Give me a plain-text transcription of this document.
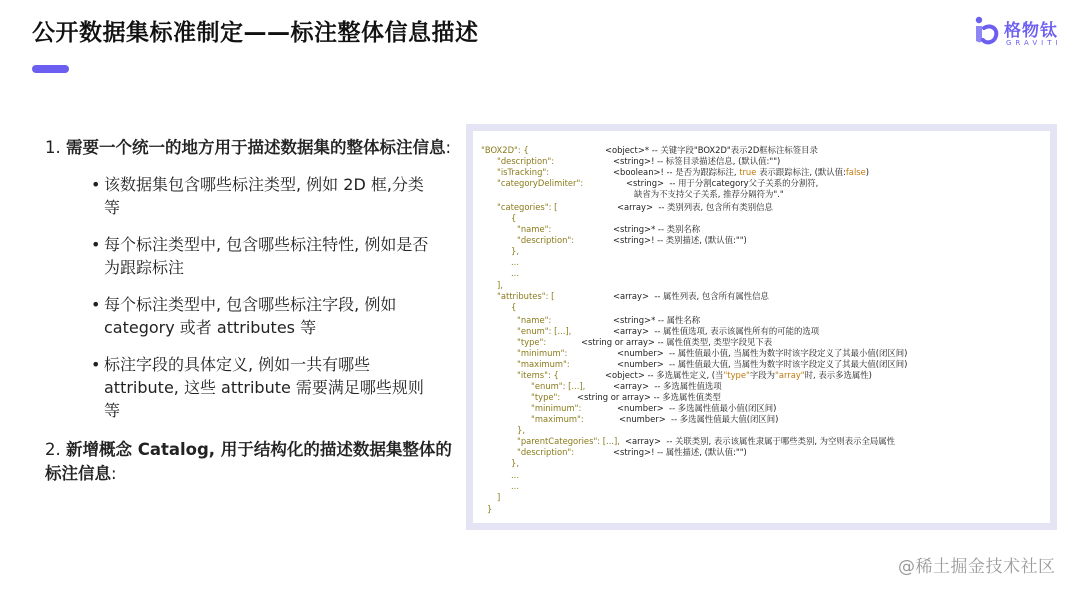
公开数据集标准制定——标注整体信息描述	格物钛
GRAVITI
1. 需要一个统一的地方用于描述数据集的整体标注信息:
• 该数据集包含哪些标注类型, 例如 2D 框,分类等
• 每个标注类型中, 包含哪些标注特性, 例如是否为跟踪标注
• 每个标注类型中, 包含哪些标注字段, 例如 category 或者 attributes 等
• 标注字段的具体定义, 例如一共有哪些 attribute, 这些 attribute 需要满足哪些规则等
2. 新增概念 Catalog, 用于结构化的描述数据集整体的标注信息:
"BOX2D": {	<object>* -- 关键字段"BOX2D"表示2D框标注标签目录
"description":	<string>! -- 标签目录描述信息, (默认值:"")
"isTracking":	<boolean>! -- 是否为跟踪标注, true 表示跟踪标注, (默认值:false)
"categoryDelimiter":	<string>  -- 用于分割category父子关系的分割符,
缺省为不支持父子关系, 推荐分隔符为"."
"categories": [	<array>  -- 类别列表, 包含所有类别信息
{
"name":	<string>* -- 类别名称
"description":	<string>! -- 类别描述, (默认值:"")
},
...
...
],
"attributes": [	<array>  -- 属性列表, 包含所有属性信息
{
"name":	<string>* -- 属性名称
"enum": [...],	<array>  -- 属性值选项, 表示该属性所有的可能的选项
"type":	<string or array> -- 属性值类型, 类型字段见下表
"minimum":	<number>  -- 属性值最小值, 当属性为数字时该字段定义了其最小值(闭区间)
"maximum":	<number>  -- 属性值最大值, 当属性为数字时该字段定义了其最大值(闭区间)
"items": {	<object> -- 多选属性定义, (当"type"字段为"array"时, 表示多选属性)
"enum": [...],	<array>  -- 多选属性值选项
"type": <string or array> -- 多选属性值类型
"minimum":	<number>  -- 多选属性值最小值(闭区间)
"maximum":	<number>  -- 多选属性值最大值(闭区间)
},
"parentCategories": [...], <array>  -- 关联类别, 表示该属性隶属于哪些类别, 为空则表示全局属性
"description":	<string>! -- 属性描述, (默认值:"")
},
...
...
]
}
@稀土掘金技术社区
